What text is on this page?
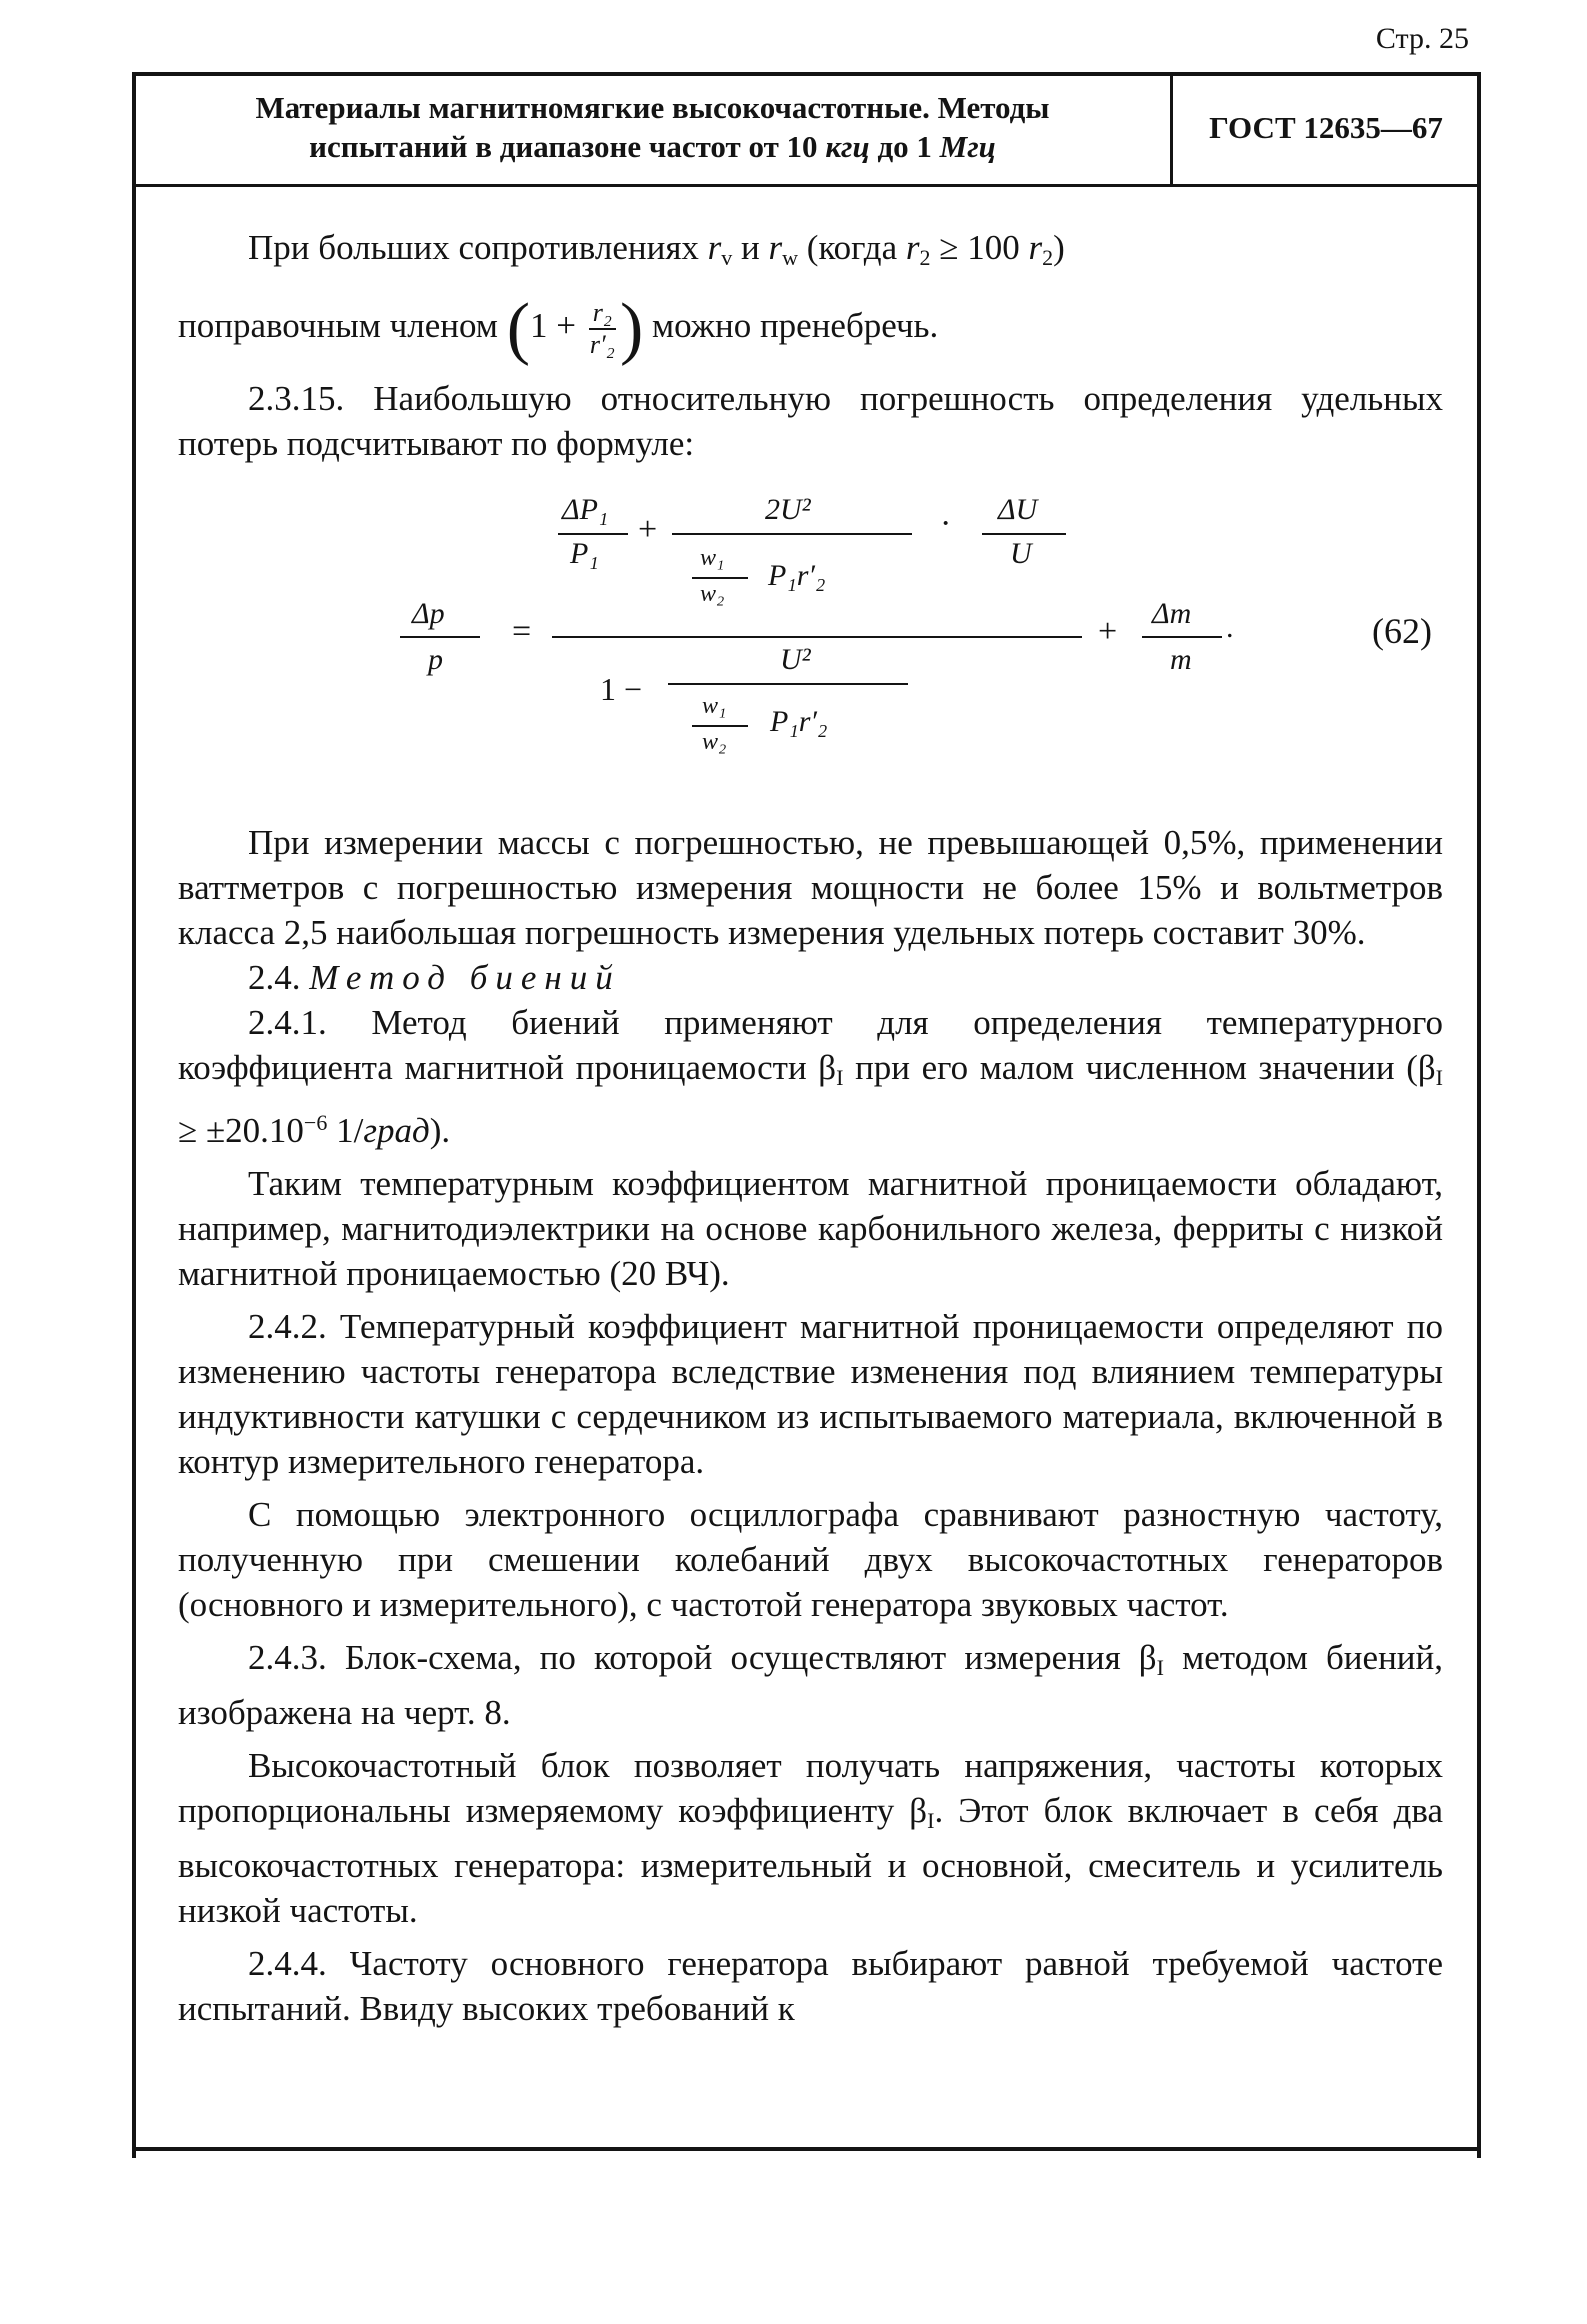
Стр. 25
Материалы магнитномягкие высокочастотные. Методы
испытаний в диапазоне частот от 10 кгц до 1 Мгц
ГОСТ 12635—67

При больших сопротивлениях $r_v$ и $r_w$ (когда $r_2 \ge 100$ $r_2$)

поправочным членом ($1 + \frac{\text{r₂}}{\text{r′₂}}$ ) можно пренебречь.

2.3.15. Наибольшую относительную погрешность определения удельных потерь подсчитывают по формуле:

ΔP₁
P₁
+
2U²
w₁
w₂
P₁r′₂
· ΔU
U
Δp
p
=
1 −
U²
w₁
w₂
P₁r′₂
+ Δm
m
.	(62)

При измерении массы с погрешностью, не превышающей 0,5%, применении ваттметров с погрешностью измерения мощности не более 15% и вольтметров класса 2,5 наибольшая погрешность измерения удельных потерь составит 30%.

2.4. Метод биений

2.4.1. Метод биений применяют для определения температурного коэффициента магнитной проницаемости $\beta_I$ при его малом численном значении ($\beta_I \ge \pm 20.10^{-6}$ 1/град).

Таким температурным коэффициентом магнитной проницаемости обладают, например, магнитодиэлектрики на основе карбонильного железа, ферриты с низкой магнитной проницаемостью (20 ВЧ).

2.4.2. Температурный коэффициент магнитной проницаемости определяют по изменению частоты генератора вследствие изменения под влиянием температуры индуктивности катушки с сердечником из испытываемого материала, включенной в контур измерительного генератора.

С помощью электронного осциллографа сравнивают разностную частоту, полученную при смешении колебаний двух высокочастотных генераторов (основного и измерительного), с частотой генератора звуковых частот.

2.4.3. Блок-схема, по которой осуществляют измерения $\beta_I$ методом биений, изображена на черт. 8.

Высокочастотный блок позволяет получать напряжения, частоты которых пропорциональны измеряемому коэффициенту $\beta_I$. Этот блок включает в себя два высокочастотных генератора: измерительный и основной, смеситель и усилитель низкой частоты.

2.4.4. Частоту основного генератора выбирают равной требуемой частоте испытаний. Ввиду высоких требований к
